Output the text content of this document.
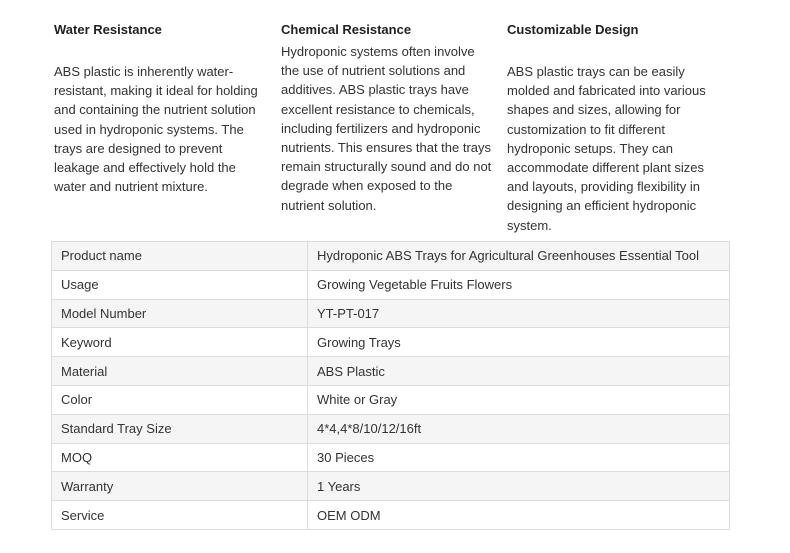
Water Resistance

ABS plastic is inherently water-resistant, making it ideal for holding and containing the nutrient solution used in hydroponic systems. The trays are designed to prevent leakage and effectively hold the water and nutrient mixture.

Chemical Resistance

Hydroponic systems often involve the use of nutrient solutions and additives. ABS plastic trays have excellent resistance to chemicals, including fertilizers and hydroponic nutrients. This ensures that the trays remain structurally sound and do not degrade when exposed to the nutrient solution.

Customizable Design

ABS plastic trays can be easily molded and fabricated into various shapes and sizes, allowing for customization to fit different hydroponic setups. They can accommodate different plant sizes and layouts, providing flexibility in designing an efficient hydroponic system.

Product name	Hydroponic ABS Trays for Agricultural Greenhouses Essential Tool
Usage	Growing Vegetable Fruits Flowers
Model Number	YT-PT-017
Keyword	Growing Trays
Material	ABS Plastic
Color	White or Gray
Standard Tray Size	4*4,4*8/10/12/16ft
MOQ	30 Pieces
Warranty	1 Years
Service	OEM ODM
